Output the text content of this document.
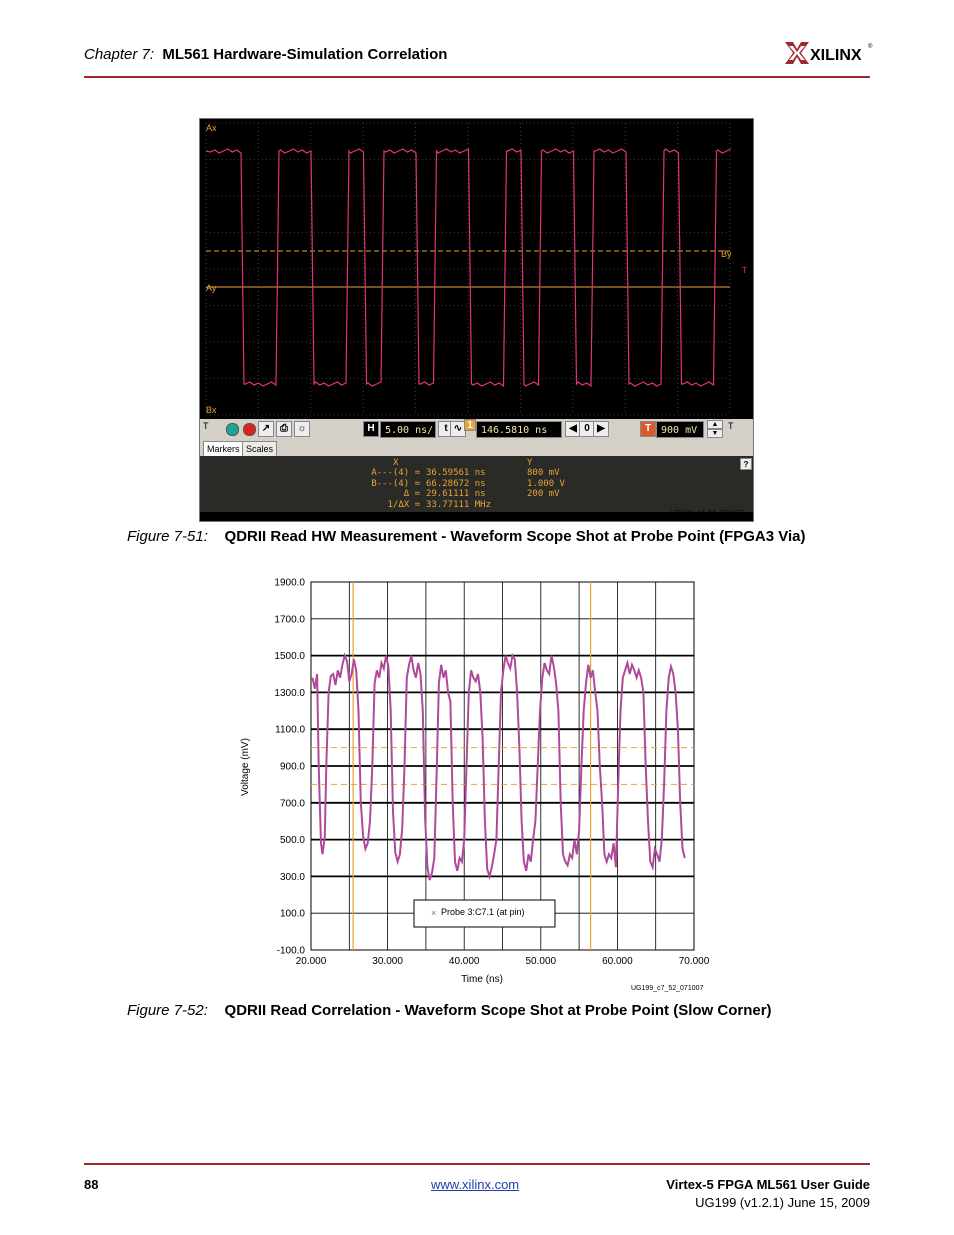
Chapter 7: ML561 Hardware-Simulation Correlation	XILINX ®
Ax
Ay
Bx
By
T
T	↗ ⎙ ☼	H	5.00 ns/	t ∿ 1 146.5810 ns	◀ 0 ▶	T 900 mV
▲
▼
T
Markers Scales
?
X	Y
A---(4) = 36.59561 ns	800 mV
B---(4) = 66.28672 ns	1.000 V
Δ = 29.61111 ns	200 mV
1/ΔX = 33.77111 MHz
UG199_c7_51_071107
Figure 7-51: QDRII Read HW Measurement - Waveform Scope Shot at Probe Point (FPGA3 Via)
-100.0
100.0
300.0
500.0
700.0
900.0
1100.0
1300.0
1500.0
1700.0
1900.0
20.000	30.000	40.000	50.000	60.000	70.000
Time (ns)
Voltage (mV)
× Probe 3:C7.1 (at pin)
UG199_c7_52_071007
Figure 7-52: QDRII Read Correlation - Waveform Scope Shot at Probe Point (Slow Corner)
88	www.xilinx.com	Virtex-5 FPGA ML561 User Guide
UG199 (v1.2.1) June 15, 2009
